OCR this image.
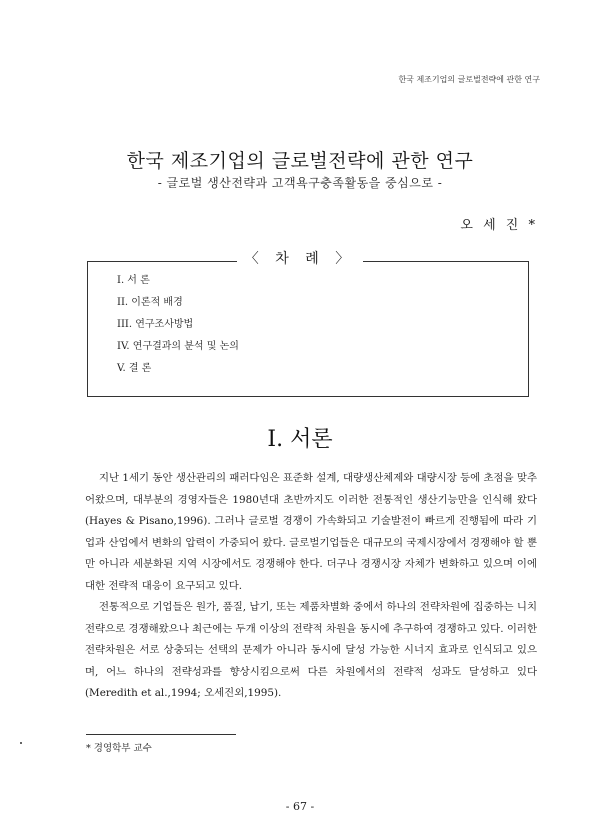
한국 제조기업의 글로벌전략에 관한 연구
한국 제조기업의 글로벌전략에 관한 연구
- 글로벌 생산전략과 고객욕구충족활동을 중심으로 -
오 세 진 *
〈 차 례 〉
I. 서 론
II. 이론적 배경
III. 연구조사방법
IV. 연구결과의 분석 및 논의
V. 결 론
I. 서론

지난 1세기 동안 생산관리의 패러다임은 표준화 설계, 대량생산체제와 대량시장 등에 초점을 맞추어왔으며, 대부분의 경영자들은 1980년대 초반까지도 이러한 전통적인 생산기능만을 인식해 왔다(Hayes & Pisano,1996). 그러나 글로벌 경쟁이 가속화되고 기술발전이 빠르게 진행됨에 따라 기업과 산업에서 변화의 압력이 가중되어 왔다. 글로벌기업들은 대규모의 국제시장에서 경쟁해야 할 뿐만 아니라 세분화된 지역 시장에서도 경쟁해야 한다. 더구나 경쟁시장 자체가 변화하고 있으며 이에 대한 전략적 대응이 요구되고 있다.

전통적으로 기업들은 원가, 품질, 납기, 또는 제품차별화 중에서 하나의 전략차원에 집중하는 니치전략으로 경쟁해왔으나 최근에는 두개 이상의 전략적 차원을 동시에 추구하여 경쟁하고 있다. 이러한 전략차원은 서로 상충되는 선택의 문제가 아니라 동시에 달성 가능한 시너지 효과로 인식되고 있으며, 어느 하나의 전략성과를 향상시킴으로써 다른 차원에서의 전략적 성과도 달성하고 있다(Meredith et al.,1994; 오세진외,1995).

* 경영학부 교수
- 67 -
